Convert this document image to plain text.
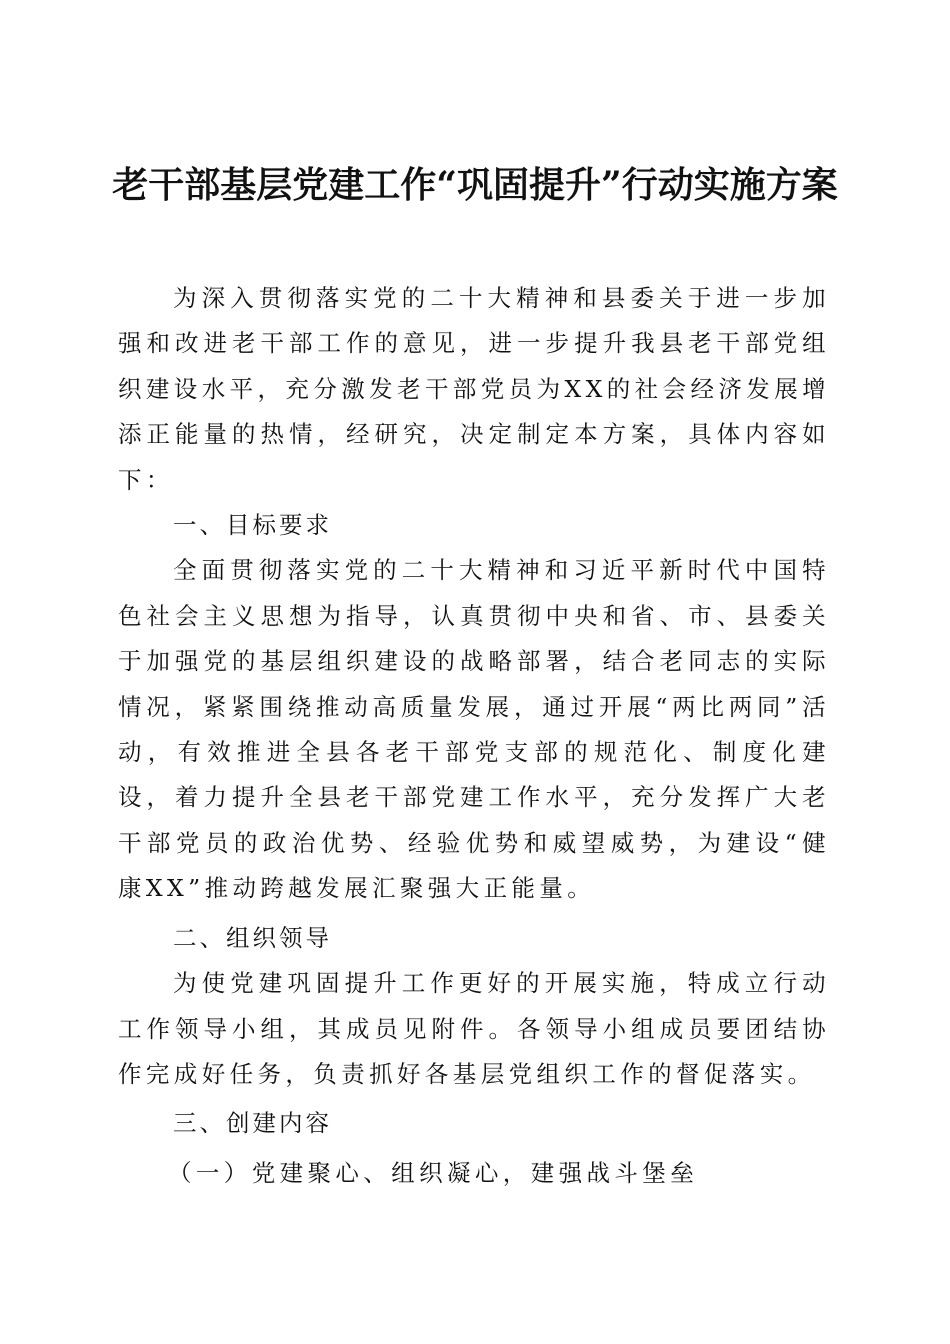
老干部基层党建工作“巩固提升”行动实施方案

为深入贯彻落实党的二十大精神和县委关于进一步加强和改进老干部工作的意见，进一步提升我县老干部党组织建设水平，充分激发老干部党员为XX的社会经济发展增添正能量的热情，经研究，决定制定本方案，具体内容如下：

一、目标要求

全面贯彻落实党的二十大精神和习近平新时代中国特色社会主义思想为指导，认真贯彻中央和省、市、县委关于加强党的基层组织建设的战略部署，结合老同志的实际情况，紧紧围绕推动高质量发展，通过开展“两比两同”活动，有效推进全县各老干部党支部的规范化、制度化建设，着力提升全县老干部党建工作水平，充分发挥广大老干部党员的政治优势、经验优势和威望威势，为建设“健康XX”推动跨越发展汇聚强大正能量。

二、组织领导

为使党建巩固提升工作更好的开展实施，特成立行动工作领导小组，其成员见附件。各领导小组成员要团结协作完成好任务，负责抓好各基层党组织工作的督促落实。

三、创建内容

（一）党建聚心、组织凝心，建强战斗堡垒
